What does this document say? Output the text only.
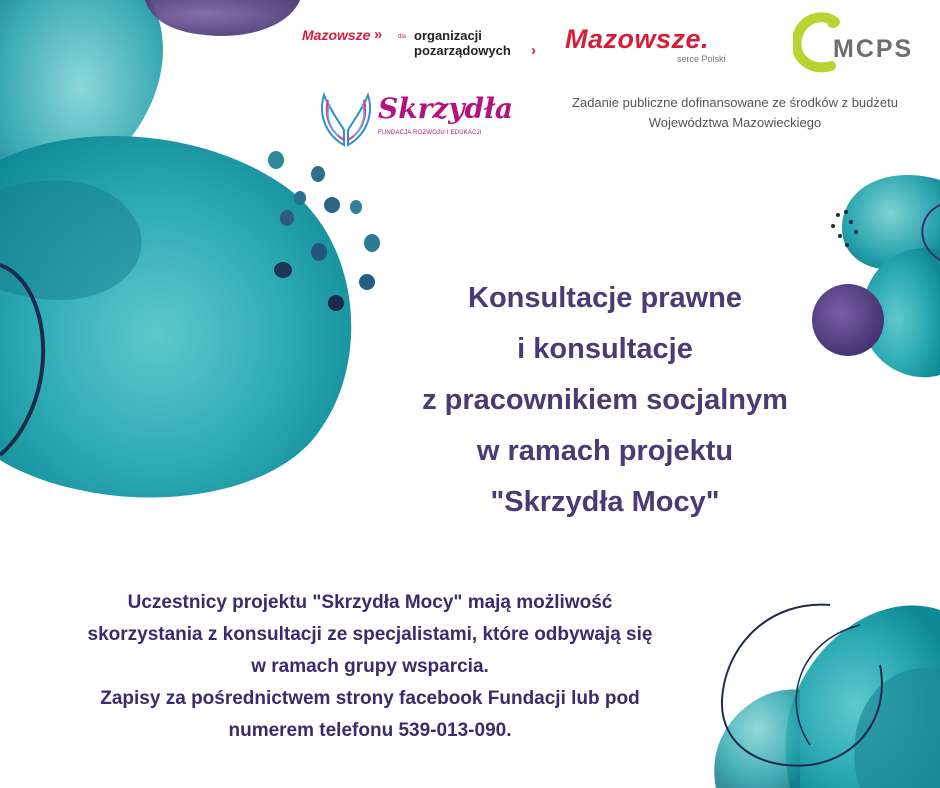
Mazowsze »	dla organizacji
pozarządowych › Mazowsze.
serce Polski	MCPS
Skrzydła
FUNDACJA ROZWOJU I EDUKACJI
Zadanie publiczne dofinansowane ze środków z budżetu
Województwa Mazowieckiego
Konsultacje prawne
i konsultacje
z pracownikiem socjalnym
w ramach projektu
"Skrzydła Mocy"
Uczestnicy projektu "Skrzydła Mocy" mają możliwość
skorzystania z konsultacji ze specjalistami, które odbywają się
w ramach grupy wsparcia.
Zapisy za pośrednictwem strony facebook Fundacji lub pod
numerem telefonu 539-013-090.
